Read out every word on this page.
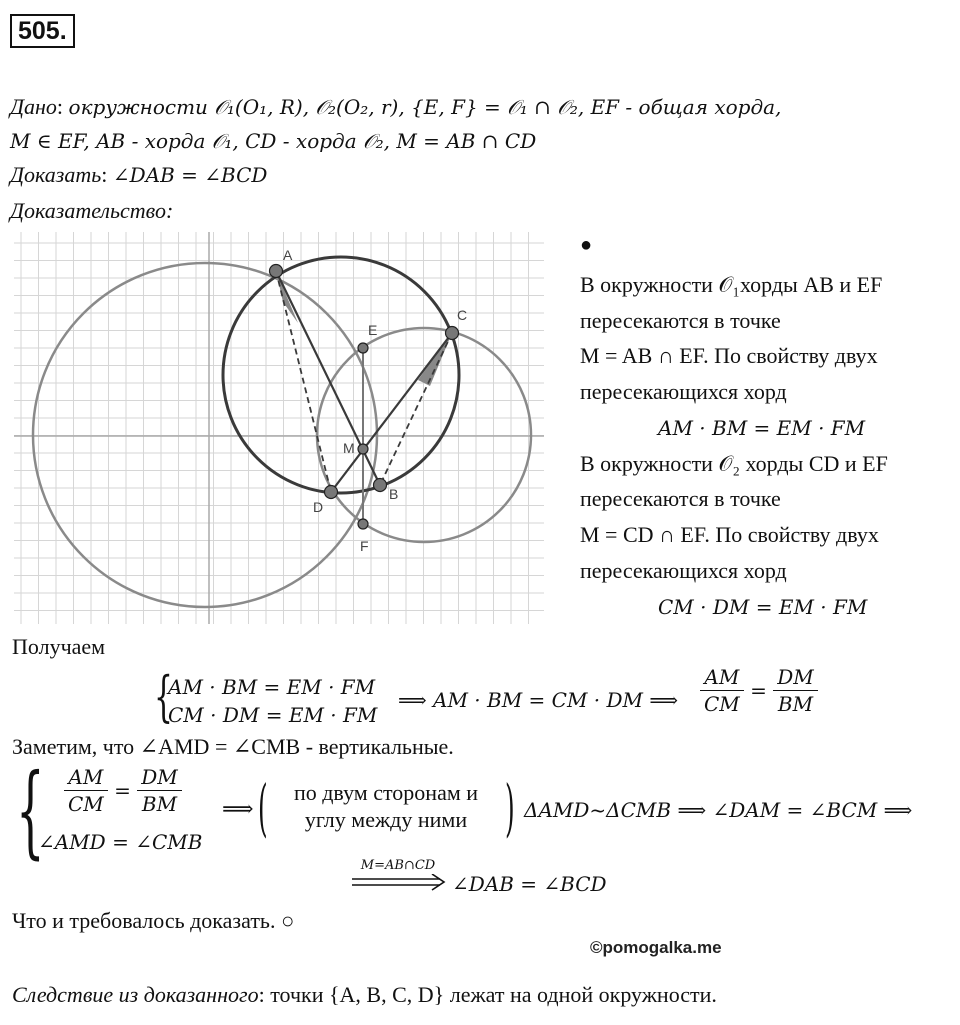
505.
Дано: окружности 𝒪₁(O₁, R), 𝒪₂(O₂, r), {E, F} = 𝒪₁ ∩ 𝒪₂, EF - общая хорда,
M ∈ EF, AB - хорда 𝒪₁, CD - хорда 𝒪₂, M = AB ∩ CD
Доказать: ∠DAB = ∠BCD
Доказательство:
A
C
E
M
D
B
F
●
В окружности 𝒪₁хорды AB и EF
пересекаются в точке
M = AB ∩ EF. По свойству двух
пересекающихся хорд
AM · BM = EM · FM
В окружности 𝒪₂ хорды CD и EF
пересекаются в точке
M = CD ∩ EF. По свойству двух
пересекающихся хорд
CM · DM = EM · FM
Получаем
{
AM · BM = EM · FM
CM · DM = EM · FM
⟹ AM · BM = CM · DM ⟹ $\frac{AM}{CM} = \frac{DM}{BM}$
Заметим, что ∠AMD = ∠CMB - вертикальные.
{ $\frac{AM}{CM} = \frac{DM}{BM}$
∠AMD = ∠CMB
⟹ (	по двум сторонам и
углу между ними ) ΔAMD~ΔCMB ⟹ ∠DAM = ∠BCM ⟹
M=AB∩CD
∠DAB = ∠BCD
Что и требовалось доказать. ○
©pomogalka.me
Следствие из доказанного: точки {A, B, C, D} лежат на одной окружности.
